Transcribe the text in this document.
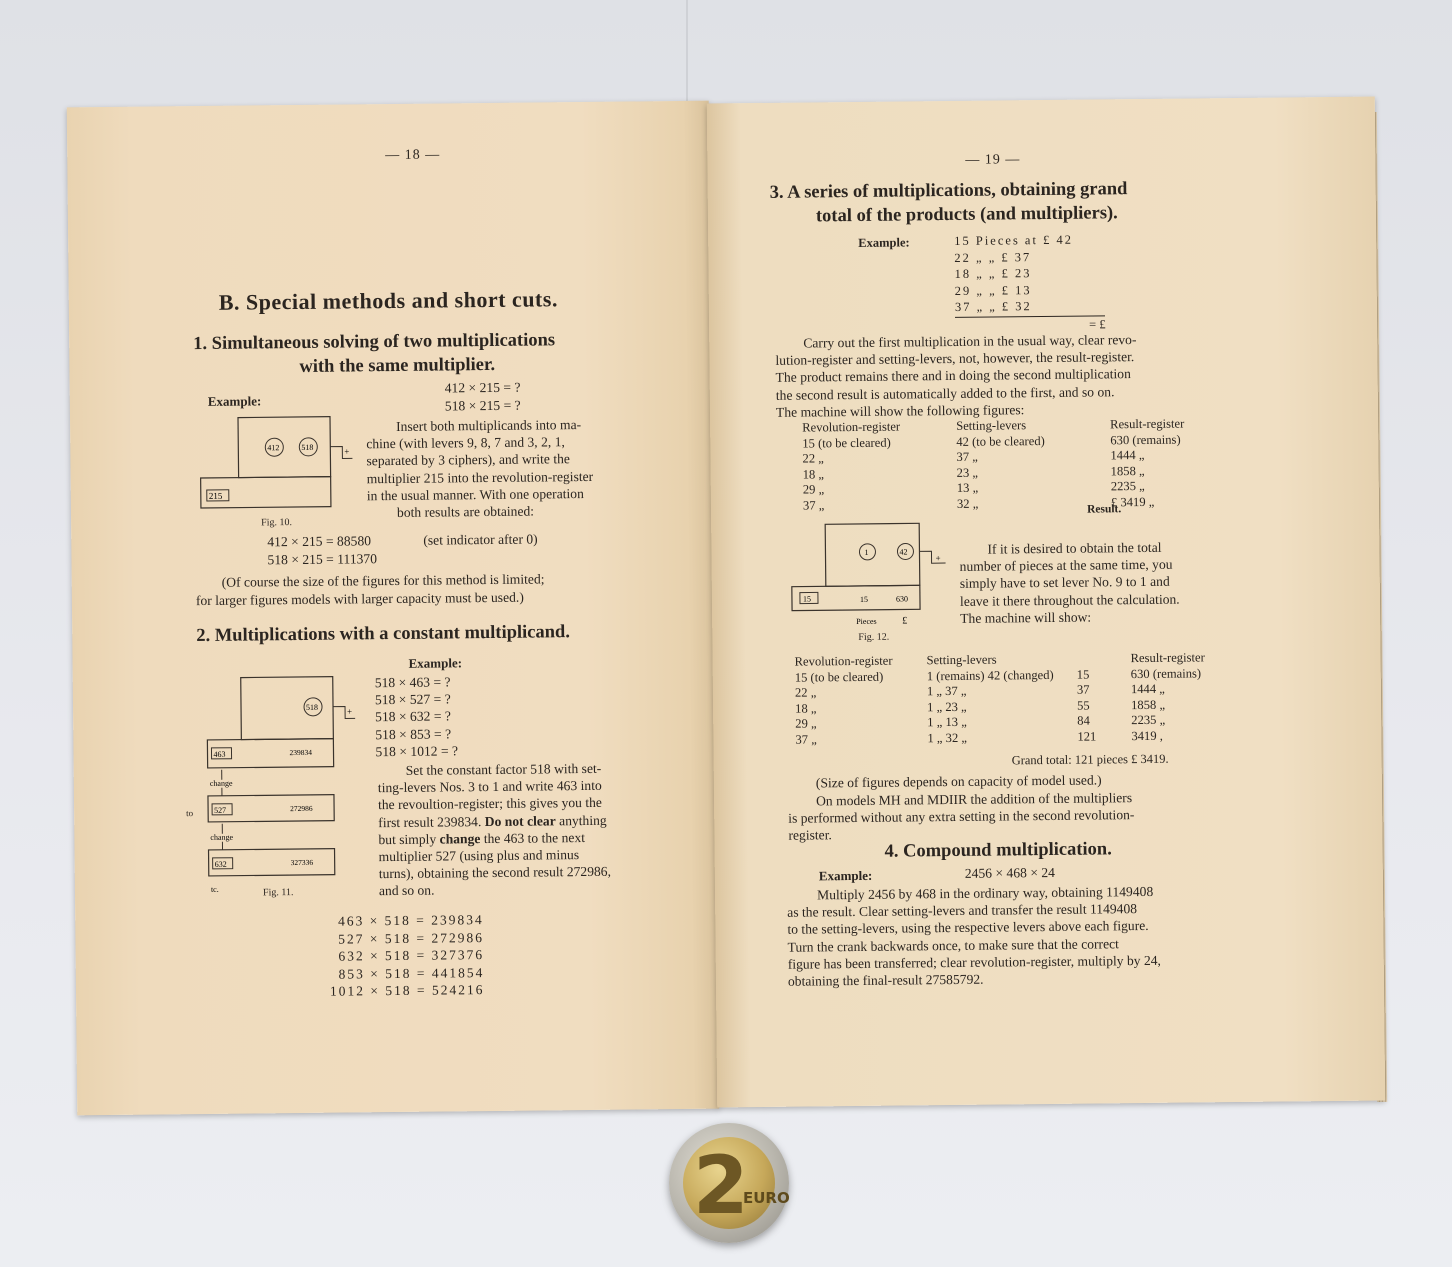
— 18 —
B. Special methods and short cuts.
1. Simultaneous solving of two multiplications
with the same multiplier.
Example:
412 × 215 = ?
518 × 215 = ?
412	518
215
+
Fig. 10.
Insert both multiplicands into ma-
chine (with levers 9, 8, 7 and 3, 2, 1,
separated by 3 ciphers), and write the
multiplier 215 into the revolution-register
in the usual manner. With one operation
both results are obtained:
412 × 215 = 88580	(set indicator after 0)
518 × 215 = 111370
(Of course the size of the figures for this method is limited;
for larger figures models with larger capacity must be used.)
2. Multiplications with a constant multiplicand.
Example:
518 × 463 = ?
518 × 527 = ?
518 × 632 = ?
518 × 853 = ?
518 × 1012 = ?
518	+
463	239834
change
527	272986
change
632	327336
tc.
to
Fig. 11.
Set the constant factor 518 with set-
ting-levers Nos. 3 to 1 and write 463 into
the revoultion-register; this gives you the
first result 239834. Do not clear anything
but simply change the 463 to the next
multiplier 527 (using plus and minus
turns), obtaining the second result 272986,
and so on.
463 × 518 = 239834
527 × 518 = 272986
632 × 518 = 327376
853 × 518 = 441854
1012 × 518 = 524216
— 19 —
3. A series of multiplications, obtaining grand
total of the products (and multipliers).
Example:	15 Pieces at £ 42
22 „ „ £ 37
18 „ „ £ 23
29 „ „ £ 13
37 „ „ £ 32
= £
Carry out the first multiplication in the usual way, clear revo-
lution-register and setting-levers, not, however, the result-register.
The product remains there and in doing the second multiplication
the second result is automatically added to the first, and so on.
The machine will show the following figures:
Revolution-register	Setting-levers	Result-register
15 (to be cleared)	42 (to be cleared)	630 (remains)
22 „	37 „	1444 „
18 „	23 „	1858 „
29 „	13 „	2235 „
37 „	32 „	£ 3419 „
Result.
1	42
+
15	15	630
Pieces	£
Fig. 12.
If it is desired to obtain the total
number of pieces at the same time, you
simply have to set lever No. 9 to 1 and
leave it there throughout the calculation.
The machine will show:
Revolution-register	Setting-levers		Result-register
15 (to be cleared)	1 (remains) 42 (changed)	15	630 (remains)
22 „	1 „ 37 „	37	1444 „
18 „	1 „ 23 „	55	1858 „
29 „	1 „ 13 „	84	2235 „
37 „	1 „ 32 „	121	3419 ,
Grand total: 121 pieces £ 3419.
(Size of figures depends on capacity of model used.)
On models MH and MDIIR the addition of the multipliers
is performed without any extra setting in the second revolution-
register.
4. Compound multiplication.
Example:	2456 × 468 × 24
Multiply 2456 by 468 in the ordinary way, obtaining 1149408
as the result. Clear setting-levers and transfer the result 1149408
to the setting-levers, using the respective levers above each figure.
Turn the crank backwards once, to make sure that the correct
figure has been transferred; clear revolution-register, multiply by 24,
obtaining the final-result 27585792.
2
EURO
